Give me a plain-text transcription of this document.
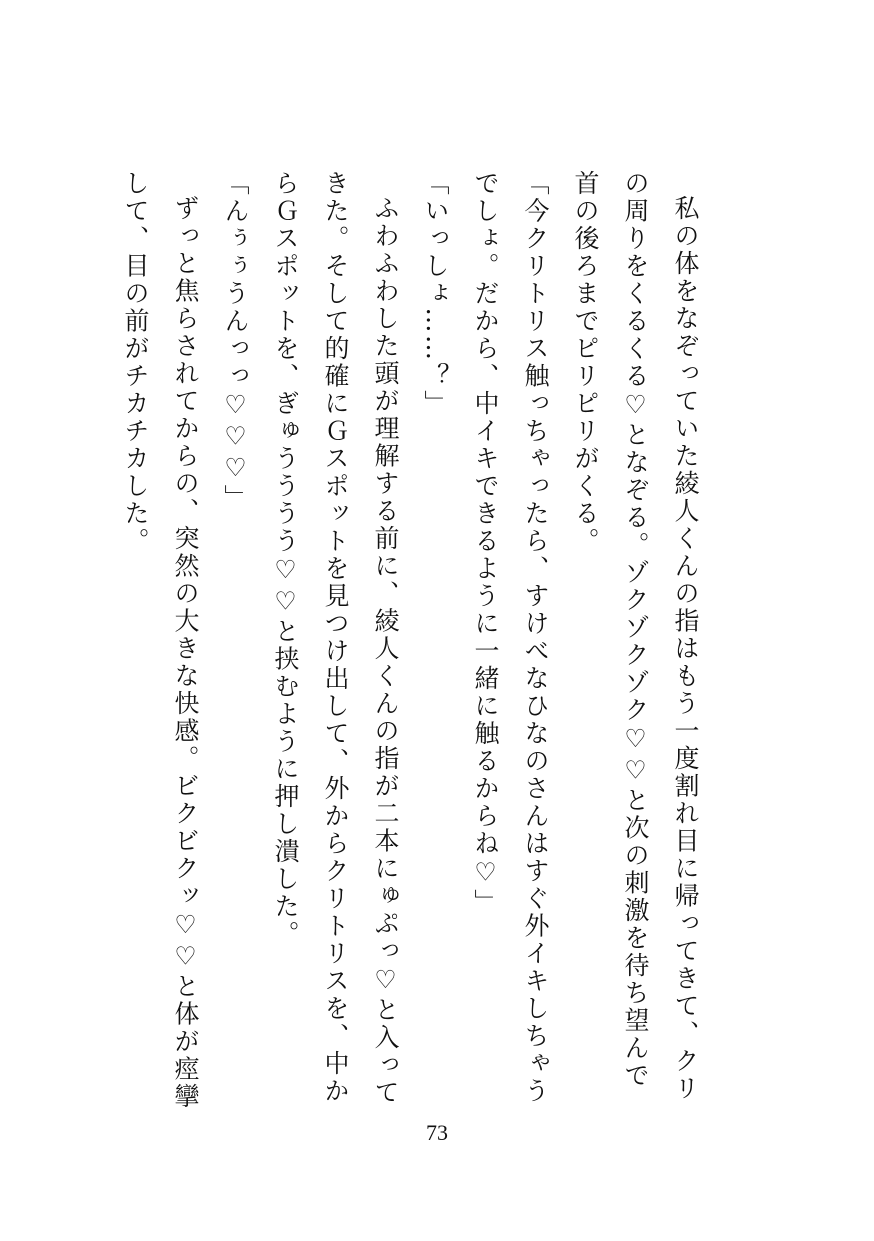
私の体をなぞっていた綾人くんの指はもう一度割れ目に帰ってきて、クリの周りをくるくる♡となぞる。ゾクゾクゾク♡♡と次の刺激を待ち望んで首の後ろまでピリピリがくる。

「今クリトリス触っちゃったら、すけべなひなのさんはすぐ外イキしちゃうでしょ。だから、中イキできるように一緒に触るからね♡」

「いっしょ……？」

ふわふわした頭が理解する前に、綾人くんの指が二本にゅぷっ♡と入ってきた。そして的確にＧスポットを見つけ出して、外からクリトリスを、中からＧスポットを、ぎゅうううう♡♡と挟むように押し潰した。

「んぅぅうんっっ♡♡♡」

ずっと焦らされてからの、突然の大きな快感。ビクビクッ♡♡と体が痙攣して、目の前がチカチカした。

73
